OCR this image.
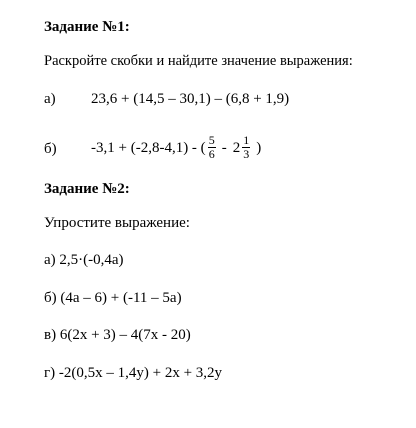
Задание №1:
Раскройте скобки и найдите значение выражения:
а) 23,6 + (14,5 – 30,1) – (6,8 + 1,9)
б) -3,1 + (-2,8-4,1) - ( $\frac{5}{6} - 2 \frac{1}{3}$ )
Задание №2:
Упростите выражение:
а) 2,5·(-0,4а)
б) (4а – 6) + (-11 – 5а)
в) 6(2x + 3) – 4(7x - 20)
г) -2(0,5х – 1,4у) + 2х + 3,2у
